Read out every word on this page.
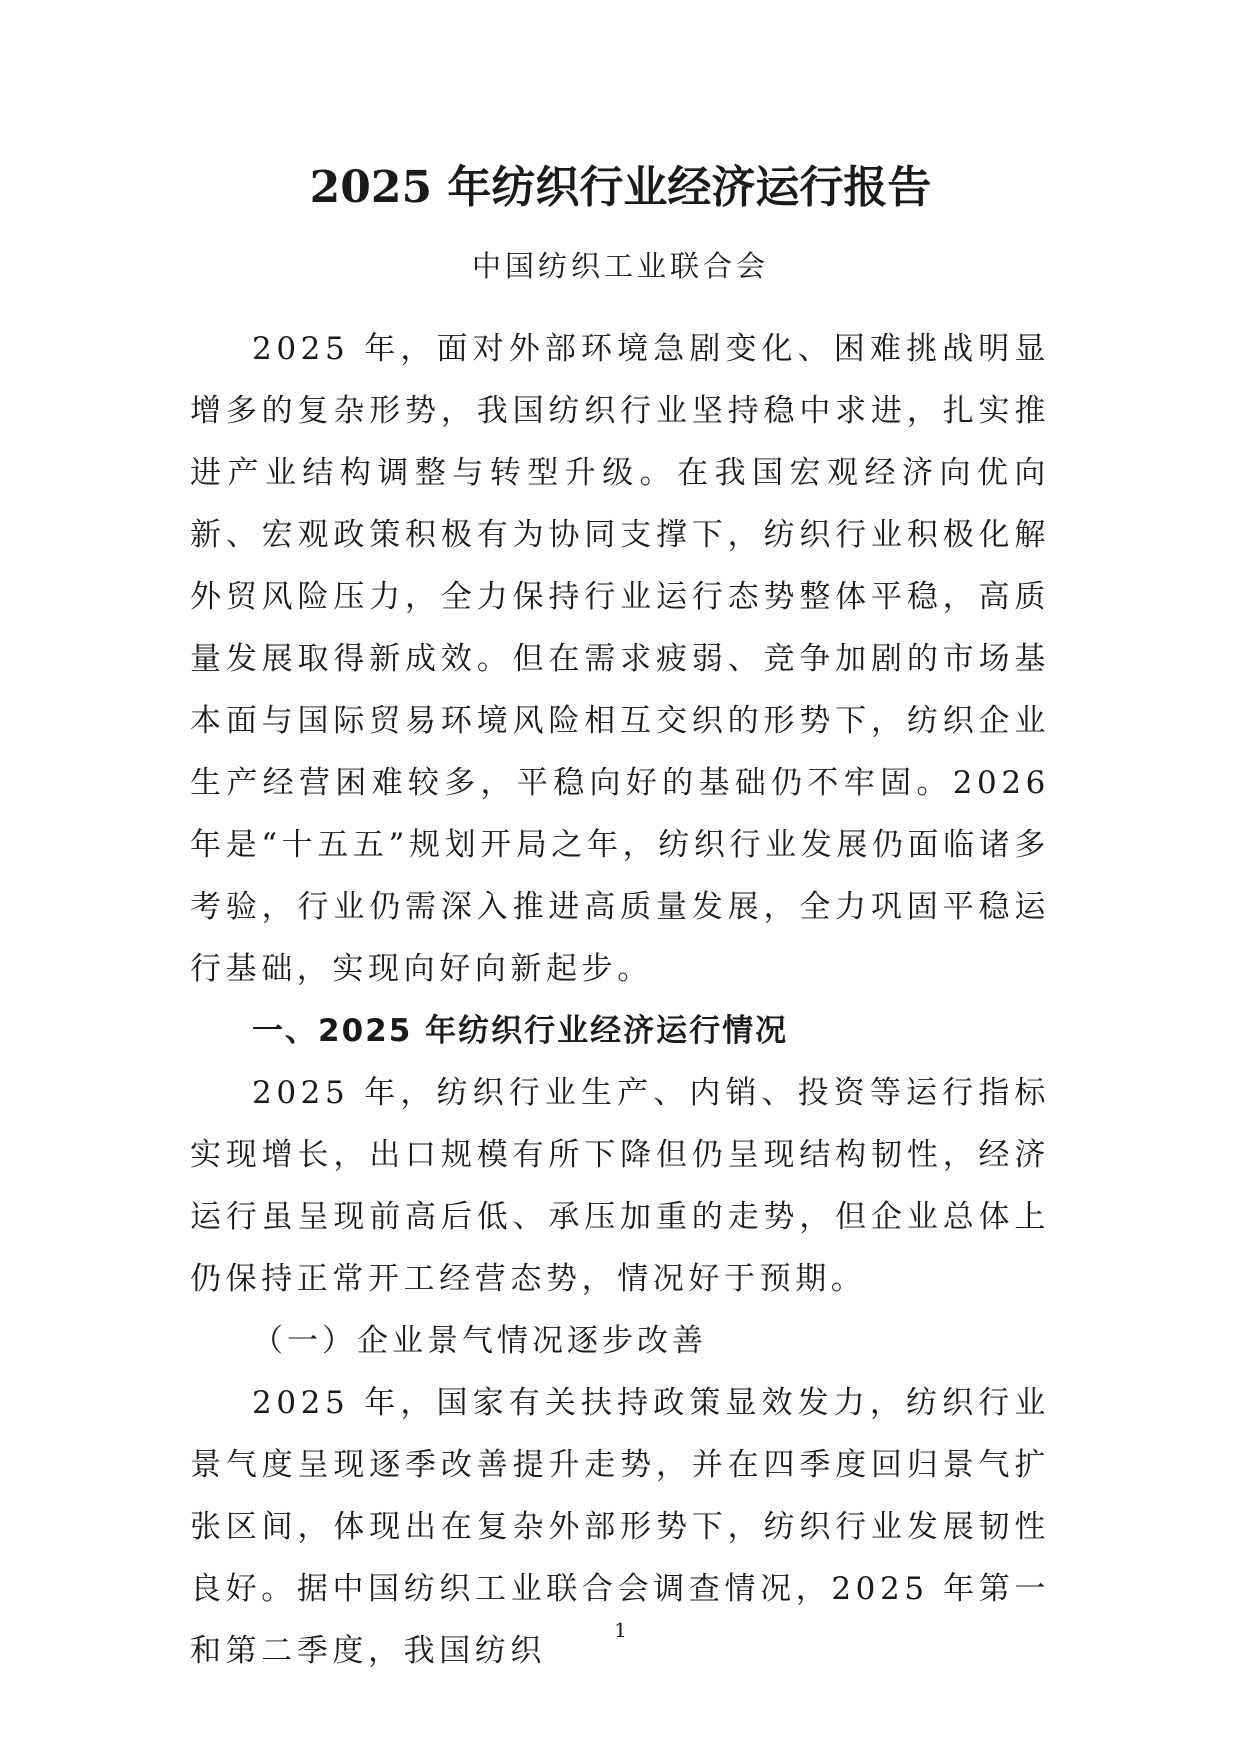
2025 年纺织行业经济运行报告
中国纺织工业联合会

2025 年，面对外部环境急剧变化、困难挑战明显增多的复杂形势，我国纺织行业坚持稳中求进，扎实推进产业结构调整与转型升级。在我国宏观经济向优向新、宏观政策积极有为协同支撑下，纺织行业积极化解外贸风险压力，全力保持行业运行态势整体平稳，高质量发展取得新成效。但在需求疲弱、竞争加剧的市场基本面与国际贸易环境风险相互交织的形势下，纺织企业生产经营困难较多，平稳向好的基础仍不牢固。2026 年是“十五五”规划开局之年，纺织行业发展仍面临诸多考验，行业仍需深入推进高质量发展，全力巩固平稳运行基础，实现向好向新起步。

一、2025 年纺织行业经济运行情况

2025 年，纺织行业生产、内销、投资等运行指标实现增长，出口规模有所下降但仍呈现结构韧性，经济运行虽呈现前高后低、承压加重的走势，但企业总体上仍保持正常开工经营态势，情况好于预期。

（一）企业景气情况逐步改善

2025 年，国家有关扶持政策显效发力，纺织行业景气度呈现逐季改善提升走势，并在四季度回归景气扩张区间，体现出在复杂外部形势下，纺织行业发展韧性良好。据中国纺织工业联合会调查情况，2025 年第一和第二季度，我国纺织

1
